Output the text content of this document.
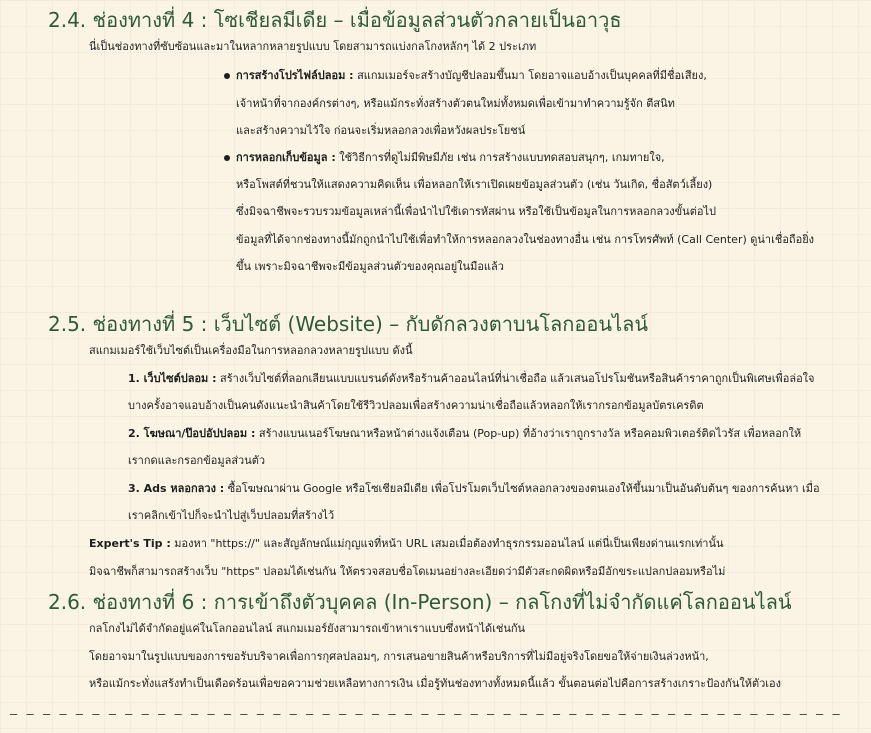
2.4. ช่องทางที่ 4 : โซเชียลมีเดีย – เมื่อข้อมูลส่วนตัวกลายเป็นอาวุธ

นี่เป็นช่องทางที่ซับซ้อนและมาในหลากหลายรูปแบบ โดยสามารถแบ่งกลโกงหลักๆ ได้ 2 ประเภท

การสร้างโปรไฟล์ปลอม : สแกมเมอร์จะสร้างบัญชีปลอมขึ้นมา โดยอาจแอบอ้างเป็นบุคคลที่มีชื่อเสียง,

เจ้าหน้าที่จากองค์กรต่างๆ, หรือแม้กระทั่งสร้างตัวตนใหม่ทั้งหมดเพื่อเข้ามาทำความรู้จัก ตีสนิท

และสร้างความไว้ใจ ก่อนจะเริ่มหลอกลวงเพื่อหวังผลประโยชน์

การหลอกเก็บข้อมูล : ใช้วิธีการที่ดูไม่มีพิษมีภัย เช่น การสร้างแบบทดสอบสนุกๆ, เกมทายใจ,

หรือโพสต์ที่ชวนให้แสดงความคิดเห็น เพื่อหลอกให้เราเปิดเผยข้อมูลส่วนตัว (เช่น วันเกิด, ชื่อสัตว์เลี้ยง)

ซึ่งมิจฉาชีพจะรวบรวมข้อมูลเหล่านี้เพื่อนำไปใช้เดารหัสผ่าน หรือใช้เป็นข้อมูลในการหลอกลวงขั้นต่อไป

ข้อมูลที่ได้จากช่องทางนี้มักถูกนำไปใช้เพื่อทำให้การหลอกลวงในช่องทางอื่น เช่น การโทรศัพท์ (Call Center) ดูน่าเชื่อถือยิ่ง

ขึ้น เพราะมิจฉาชีพจะมีข้อมูลส่วนตัวของคุณอยู่ในมือแล้ว

2.5. ช่องทางที่ 5 : เว็บไซต์ (Website) – กับดักลวงตาบนโลกออนไลน์

สแกมเมอร์ใช้เว็บไซต์เป็นเครื่องมือในการหลอกลวงหลายรูปแบบ ดังนี้

1. เว็บไซต์ปลอม : สร้างเว็บไซต์ที่ลอกเลียนแบบแบรนด์ดังหรือร้านค้าออนไลน์ที่น่าเชื่อถือ แล้วเสนอโปรโมชันหรือสินค้าราคาถูกเป็นพิเศษเพื่อล่อใจ

บางครั้งอาจแอบอ้างเป็นคนดังแนะนำสินค้าโดยใช้รีวิวปลอมเพื่อสร้างความน่าเชื่อถือแล้วหลอกให้เรากรอกข้อมูลบัตรเครดิต

2. โฆษณา/ป๊อปอัปปลอม : สร้างแบนเนอร์โฆษณาหรือหน้าต่างแจ้งเตือน (Pop-up) ที่อ้างว่าเราถูกรางวัล หรือคอมพิวเตอร์ติดไวรัส เพื่อหลอกให้

เรากดและกรอกข้อมูลส่วนตัว

3. Ads หลอกลวง : ซื้อโฆษณาผ่าน Google หรือโซเชียลมีเดีย เพื่อโปรโมตเว็บไซต์หลอกลวงของตนเองให้ขึ้นมาเป็นอันดับต้นๆ ของการค้นหา เมื่อ

เราคลิกเข้าไปก็จะนำไปสู่เว็บปลอมที่สร้างไว้

Expert's Tip : มองหา "https://" และสัญลักษณ์แม่กุญแจที่หน้า URL เสมอเมื่อต้องทำธุรกรรมออนไลน์ แต่นี่เป็นเพียงด่านแรกเท่านั้น

มิจฉาชีพก็สามารถสร้างเว็บ "https" ปลอมได้เช่นกัน ให้ตรวจสอบชื่อโดเมนอย่างละเอียดว่ามีตัวสะกดผิดหรือมีอักขระแปลกปลอมหรือไม่

2.6. ช่องทางที่ 6 : การเข้าถึงตัวบุคคล (In-Person) – กลโกงที่ไม่จำกัดแค่โลกออนไลน์

กลโกงไม่ได้จำกัดอยู่แค่ในโลกออนไลน์ สแกมเมอร์ยังสามารถเข้าหาเราแบบซึ่งหน้าได้เช่นกัน

โดยอาจมาในรูปแบบของการขอรับบริจาคเพื่อการกุศลปลอมๆ, การเสนอขายสินค้าหรือบริการที่ไม่มีอยู่จริงโดยขอให้จ่ายเงินล่วงหน้า,

หรือแม้กระทั่งแสร้งทำเป็นเดือดร้อนเพื่อขอความช่วยเหลือทางการเงิน เมื่อรู้ทันช่องทางทั้งหมดนี้แล้ว ขั้นตอนต่อไปคือการสร้างเกราะป้องกันให้ตัวเอง

– – – – – – – – – – – – – – – – – – – – – – – – – – – – – – – – – – – – – – – – – – – – – – – – – – –
